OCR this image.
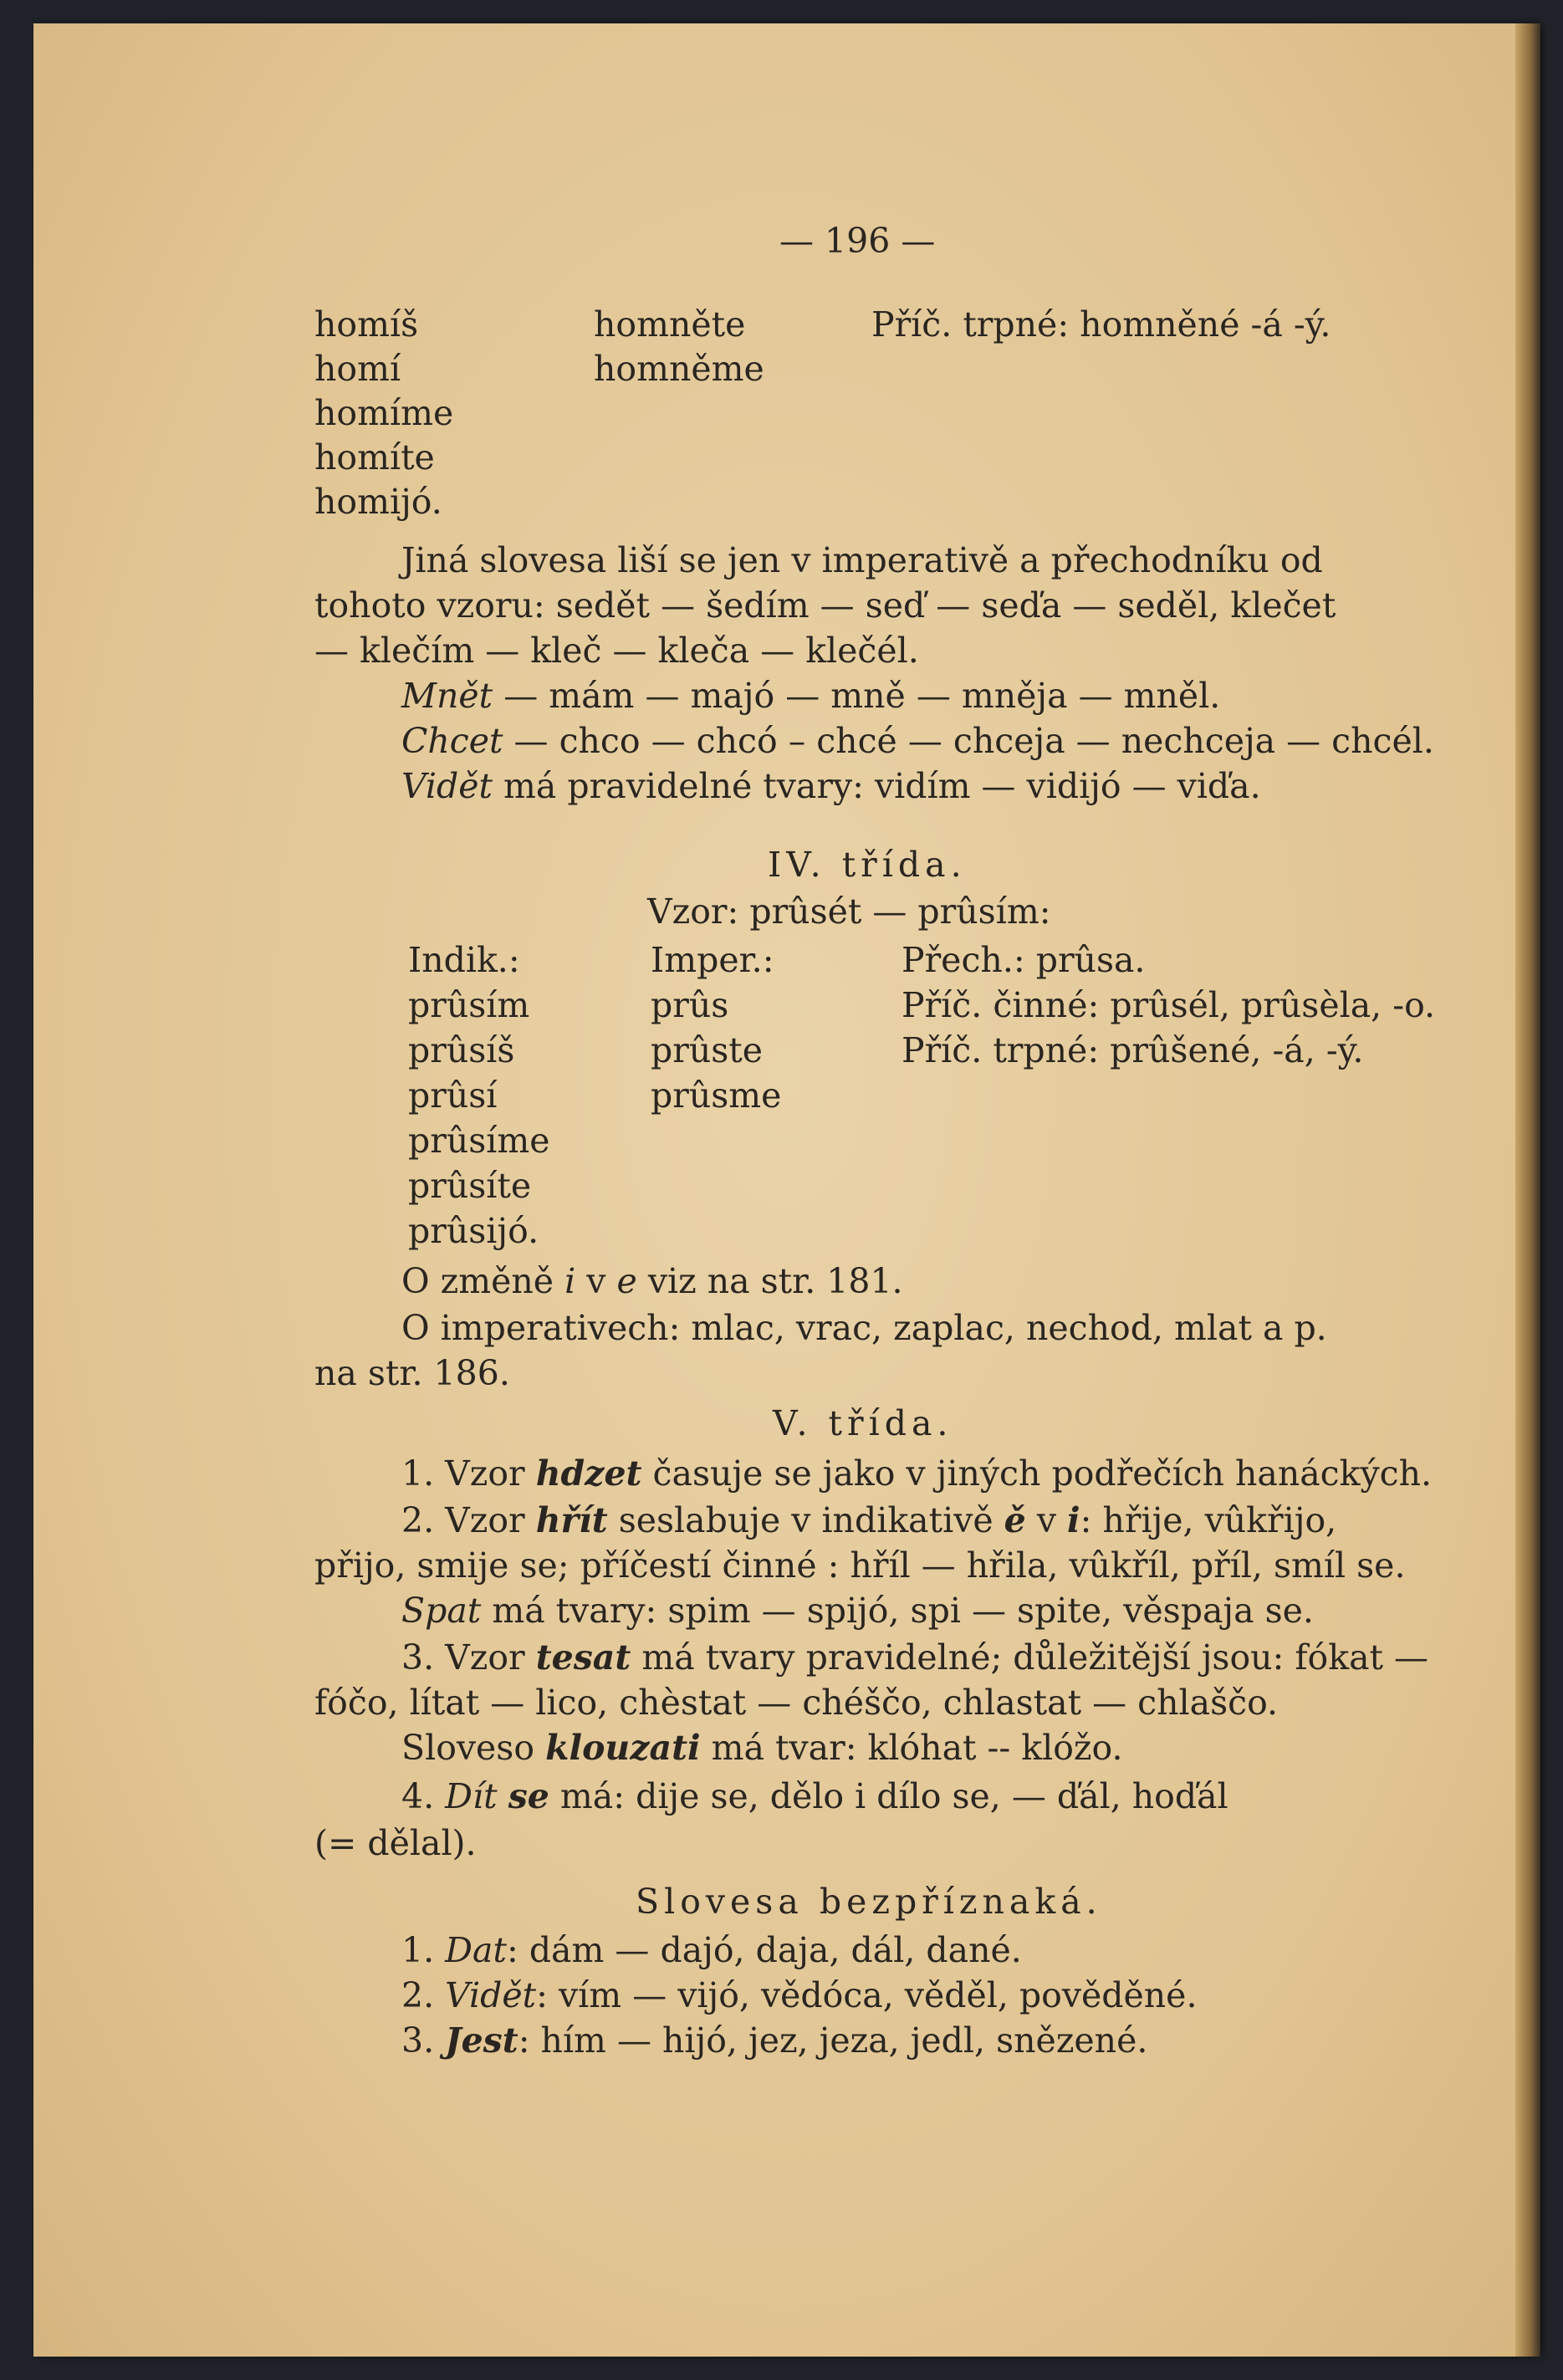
— 196 —
homíš
homí
homíme
homíte
homijó.
homněte
homněme
Příč. trpné: homněné -á -ý.
Jiná slovesa liší se jen v imperativě a přechodníku od
tohoto vzoru: sedět — šedím — seď — seďa — seděl, klečet
— klečím — kleč — kleča — klečél.
Mnět — mám — majó — mně — mněja — mněl.
Chcet — chco — chcó – chcé — chceja — nechceja — chcél.
Vidět má pravidelné tvary: vidím — vidijó — viďa.
IV. třída.
Vzor: prûsét — prûsím:
Indik.:	Imper.:	Přech.: prûsa.
prûsím
prûsíš
prûsí
prûsíme
prûsíte
prûsijó.
prûs
prûste
prûsme
Příč. činné: prûsél, prûsèla, -o.
Příč. trpné: prûšené, -á, -ý.
O změně i v e viz na str. 181.
O imperativech: mlac, vrac, zaplac, nechod, mlat a p.
na str. 186.
V. třída.
1. Vzor hdzet časuje se jako v jiných podřečích hanáckých.
2. Vzor hřít seslabuje v indikativě ě v i: hřije, vûkřijo,
přijo, smije se; příčestí činné : hříl — hřila, vûkříl, příl, smíl se.
Spat má tvary: spim — spijó, spi — spite, věspaja se.
3. Vzor tesat má tvary pravidelné; důležitější jsou: fókat —
fóčo, lítat — lico, chèstat — chéščo, chlastat — chlaščo.
Sloveso klouzati má tvar: klóhat -- klóžo.
4. Dít se má: dije se, dělo i dílo se, — ďál, hoďál
(= dělal).
Slovesa bezpříznaká.
1. Dat: dám — dajó, daja, dál, dané.
2. Vidět: vím — vijó, vědóca, věděl, pověděné.
3. Jest: hím — hijó, jez, jeza, jedl, snězené.
